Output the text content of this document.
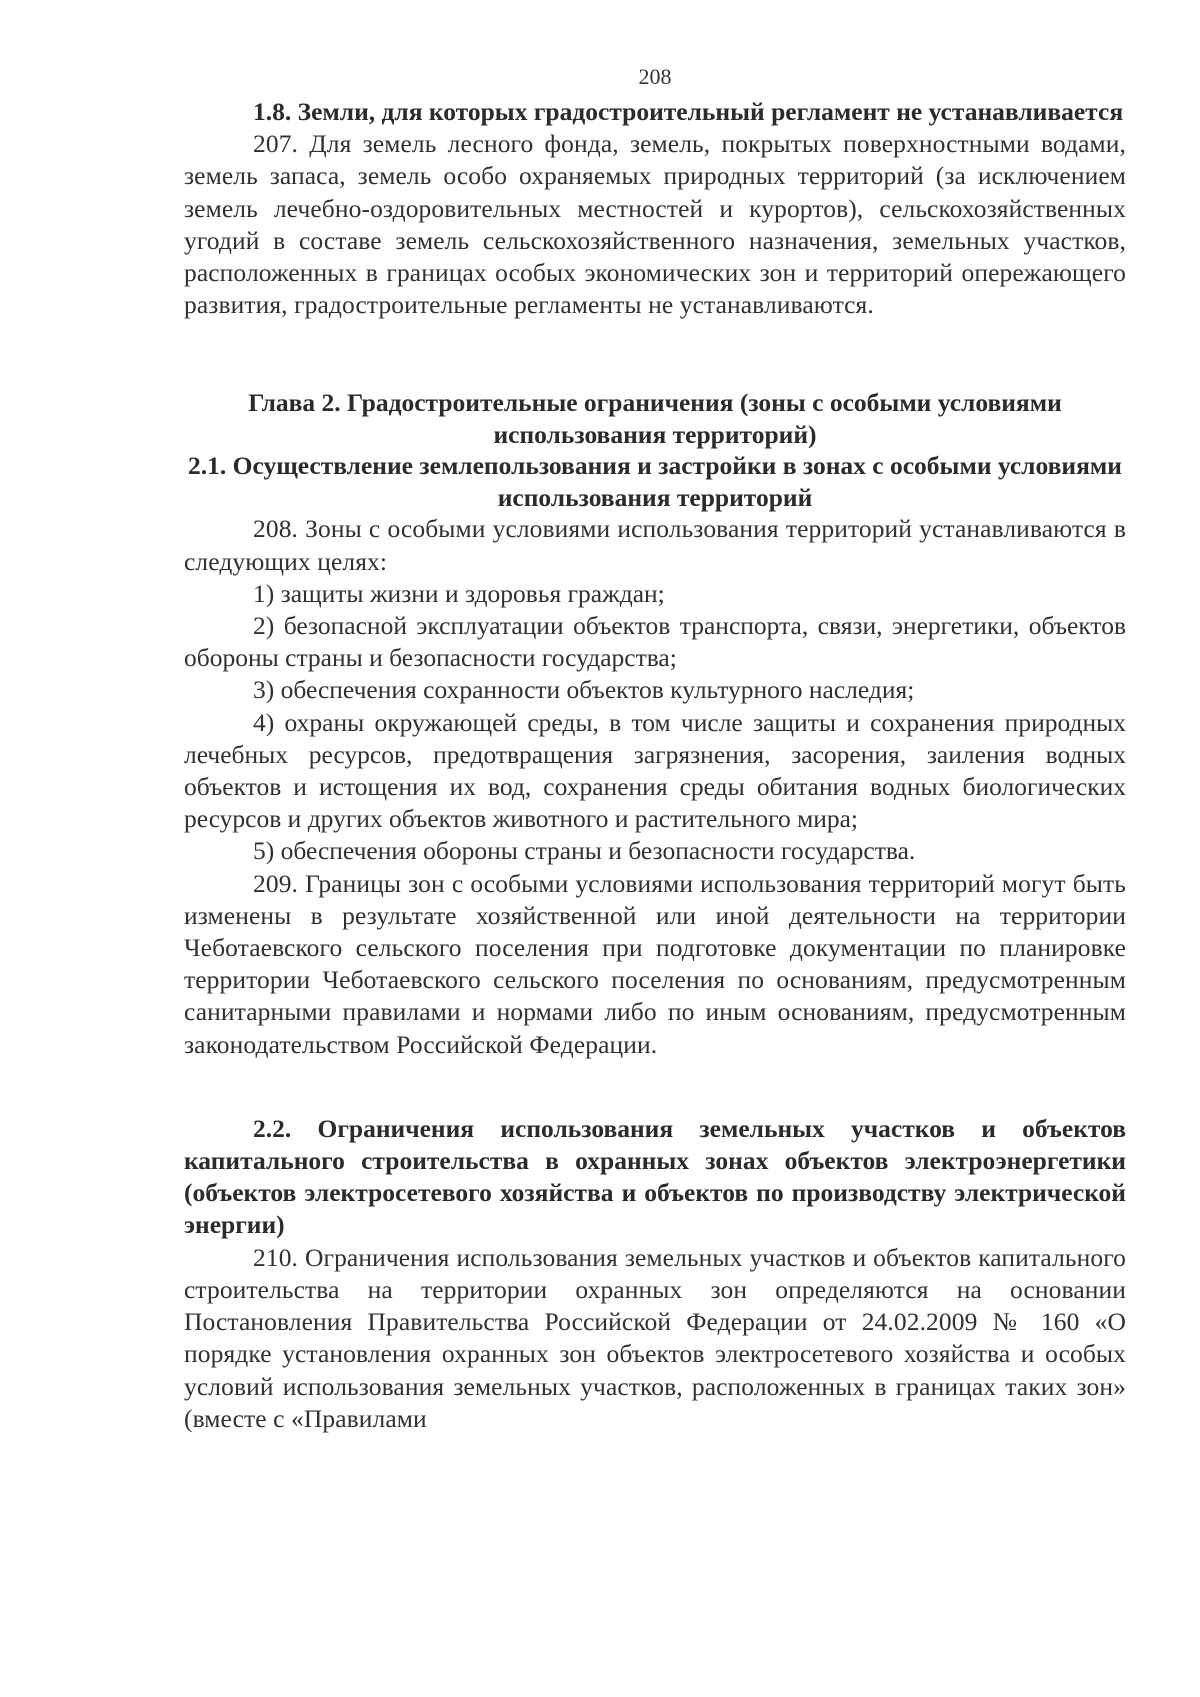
208
1.8. Земли, для которых градостроительный регламент не устанавливается

207. Для земель лесного фонда, земель, покрытых поверхностными водами, земель запаса, земель особо охраняемых природных территорий (за исключением земель лечебно-оздоровительных местностей и курортов), сельскохозяйственных угодий в составе земель сельскохозяйственного назначения, земельных участков, расположенных в границах особых экономических зон и территорий опережающего развития, градостроительные регламенты не устанавливаются.

Глава 2. Градостроительные ограничения (зоны с особыми условиями использования территорий)
2.1. Осуществление землепользования и застройки в зонах с особыми условиями использования территорий

208. Зоны с особыми условиями использования территорий устанавливаются в следующих целях:

1) защиты жизни и здоровья граждан;
2) безопасной эксплуатации объектов транспорта, связи, энергетики, объектов обороны страны и безопасности государства;
3) обеспечения сохранности объектов культурного наследия;
4) охраны окружающей среды, в том числе защиты и сохранения природных лечебных ресурсов, предотвращения загрязнения, засорения, заиления водных объектов и истощения их вод, сохранения среды обитания водных биологических ресурсов и других объектов животного и растительного мира;
5) обеспечения обороны страны и безопасности государства.

209. Границы зон с особыми условиями использования территорий могут быть изменены в результате хозяйственной или иной деятельности на территории Чеботаевского сельского поселения при подготовке документации по планировке территории Чеботаевского сельского поселения по основаниям, предусмотренным санитарными правилами и нормами либо по иным основаниям, предусмотренным законодательством Российской Федерации.

2.2. Ограничения использования земельных участков и объектов капитального строительства в охранных зонах объектов электроэнергетики (объектов электросетевого хозяйства и объектов по производству электрической энергии)

210. Ограничения использования земельных участков и объектов капитального строительства на территории охранных зон определяются на основании Постановления Правительства Российской Федерации от 24.02.2009 № 160 «О порядке установления охранных зон объектов электросетевого хозяйства и особых условий использования земельных участков, расположенных в границах таких зон» (вместе с «Правилами
